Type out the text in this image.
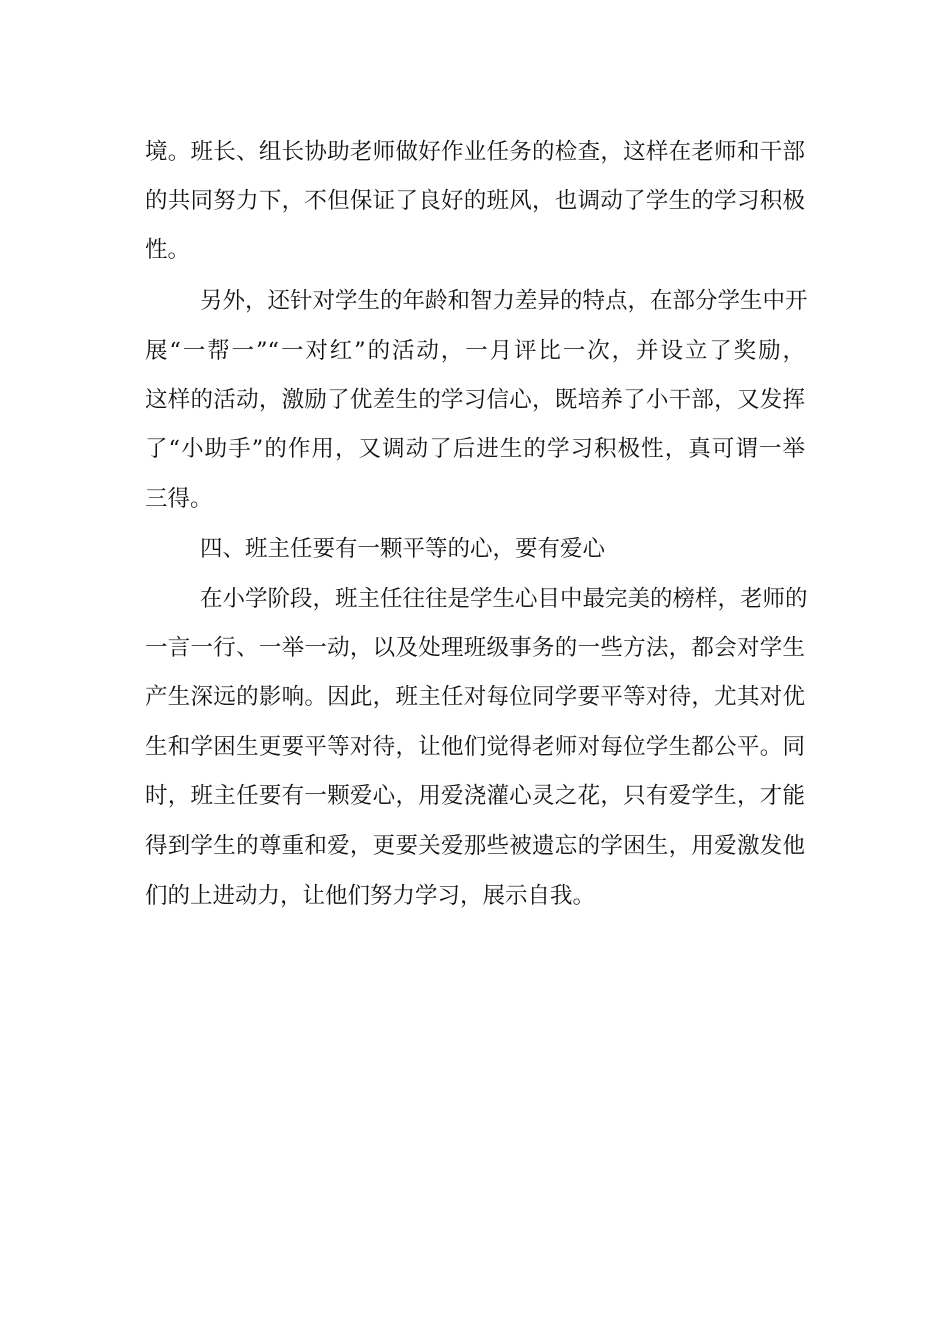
境。班长、组长协助老师做好作业任务的检查，这样在老师和干部
的共同努力下，不但保证了良好的班风，也调动了学生的学习积极
性。
另外，还针对学生的年龄和智力差异的特点，在部分学生中开
展“一帮一”“一对红”的活动，一月评比一次，并设立了奖励，
这样的活动，激励了优差生的学习信心，既培养了小干部，又发挥
了“小助手”的作用，又调动了后进生的学习积极性，真可谓一举
三得。
四、班主任要有一颗平等的心，要有爱心
在小学阶段，班主任往往是学生心目中最完美的榜样，老师的
一言一行、一举一动，以及处理班级事务的一些方法，都会对学生
产生深远的影响。因此，班主任对每位同学要平等对待，尤其对优
生和学困生更要平等对待，让他们觉得老师对每位学生都公平。同
时，班主任要有一颗爱心，用爱浇灌心灵之花，只有爱学生，才能
得到学生的尊重和爱，更要关爱那些被遗忘的学困生，用爱激发他
们的上进动力，让他们努力学习，展示自我。
